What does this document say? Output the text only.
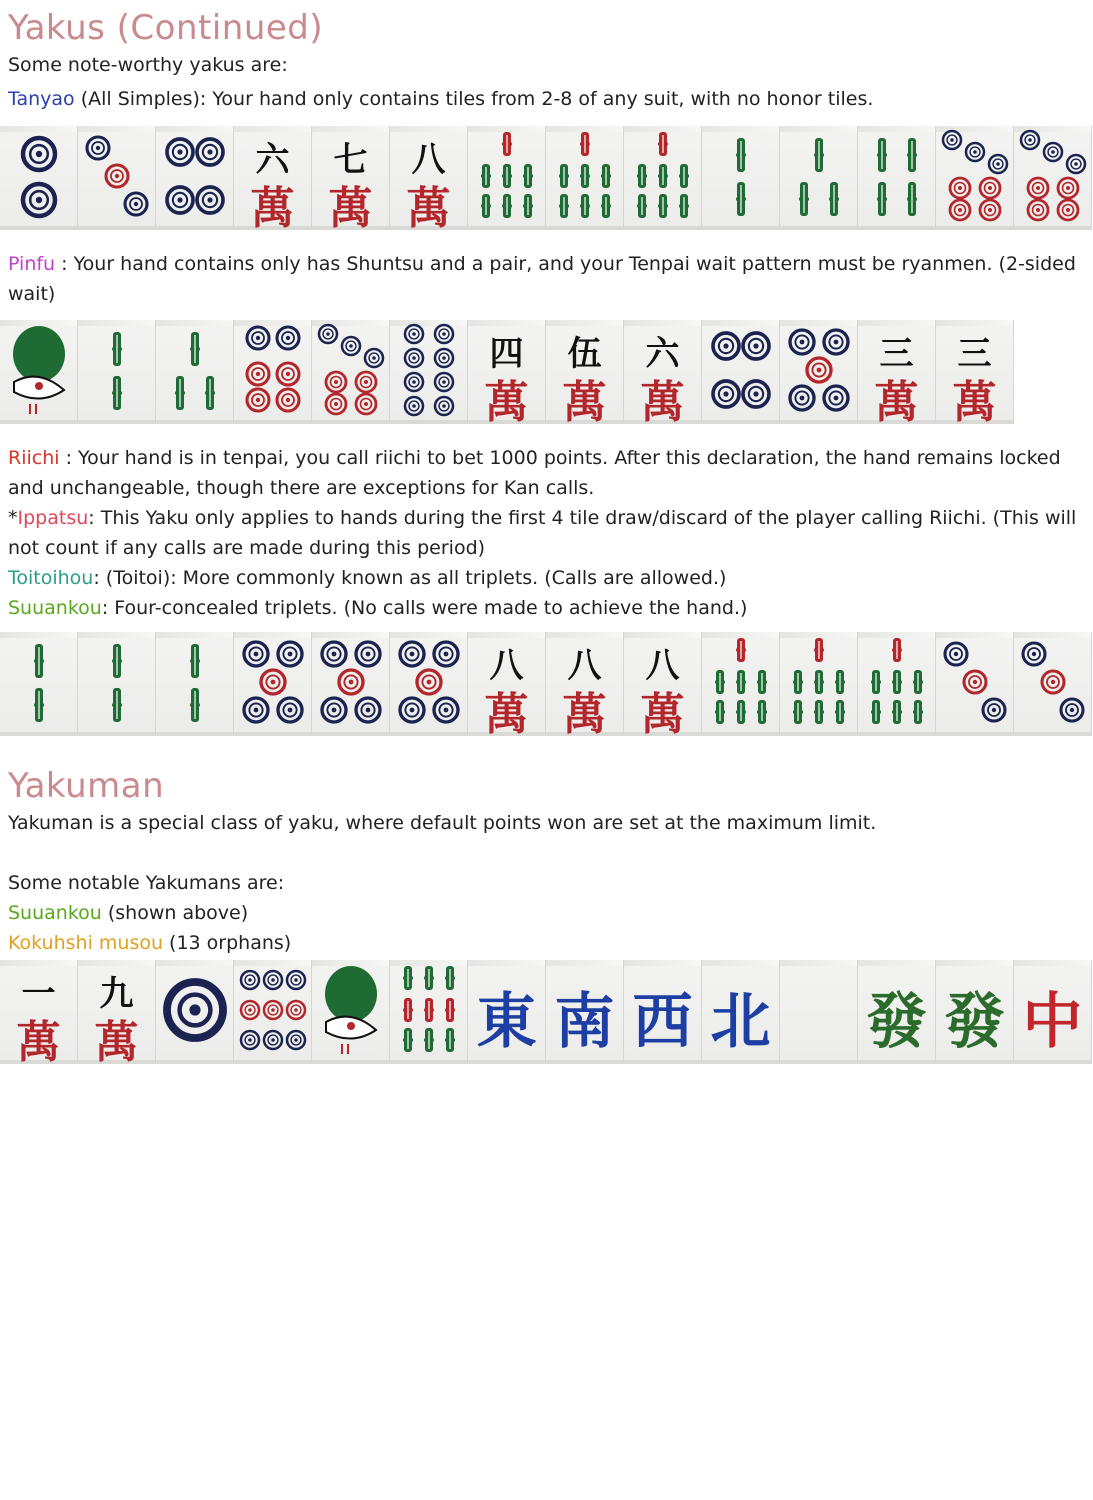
Yakus (Continued)
Some note-worthy yakus are:
Tanyao (All Simples): Your hand only contains tiles from 2-8 of any suit, with no honor tiles.
六
萬
七
萬
八
萬
Pinfu : Your hand contains only has Shuntsu and a pair, and your Tenpai wait pattern must be ryanmen. (2-sided wait)
四
萬
伍
萬
六
萬
三
萬
三
萬
Riichi : Your hand is in tenpai, you call riichi to bet 1000 points. After this declaration, the hand remains locked and unchangeable, though there are exceptions for Kan calls.
*Ippatsu: This Yaku only applies to hands during the first 4 tile draw/discard of the player calling Riichi. (This will not count if any calls are made during this period)
Toitoihou: (Toitoi): More commonly known as all triplets. (Calls are allowed.)
Suuankou: Four-concealed triplets. (No calls were made to achieve the hand.)
八
萬
八
萬
八
萬
Yakuman
Yakuman is a special class of yaku, where default points won are set at the maximum limit.
Some notable Yakumans are:
Suuankou (shown above)
Kokuhshi musou (13 orphans)
一
萬
九
萬	東 南 西 北 發 發 中
